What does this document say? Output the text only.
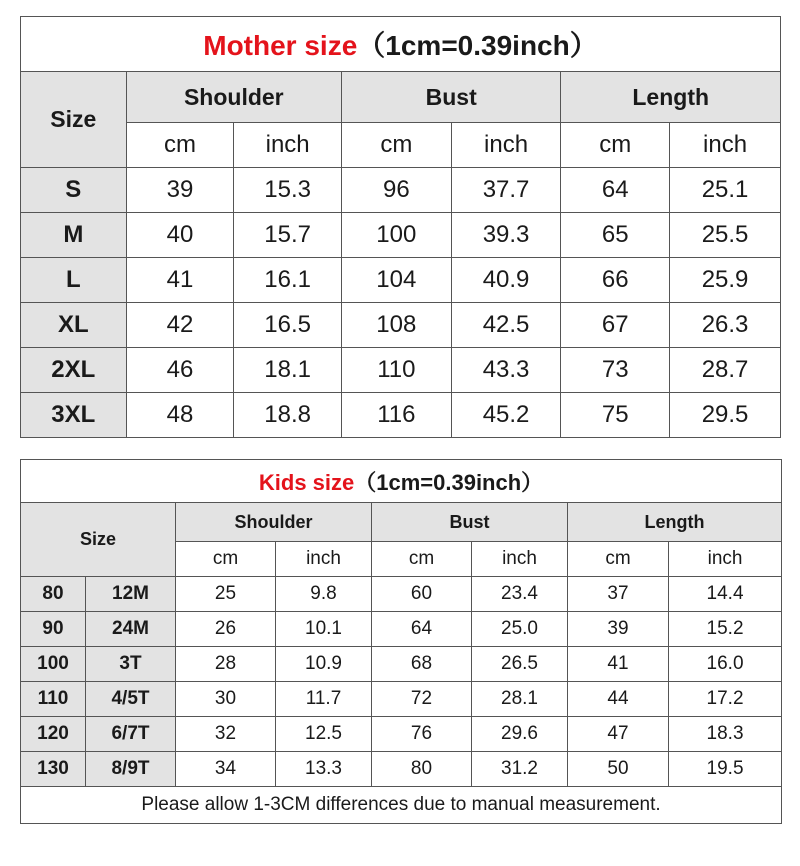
Mother size（1cm=0.39inch）						
Size	Shoulder		Bust		Length	
	cm	inch	cm	inch	cm	inch
S	39	15.3	96	37.7	64	25.1
M	40	15.7	100	39.3	65	25.5
L	41	16.1	104	40.9	66	25.9
XL	42	16.5	108	42.5	67	26.3
2XL	46	18.1	110	43.3	73	28.7
3XL	48	18.8	116	45.2	75	29.5
Kids size（1cm=0.39inch）							
Size		Shoulder		Bust		Length	
		cm	inch	cm	inch	cm	inch
80	12M	25	9.8	60	23.4	37	14.4
90	24M	26	10.1	64	25.0	39	15.2
100	3T	28	10.9	68	26.5	41	16.0
110	4/5T	30	11.7	72	28.1	44	17.2
120	6/7T	32	12.5	76	29.6	47	18.3
130	8/9T	34	13.3	80	31.2	50	19.5
Please allow 1-3CM differences due to manual measurement.							
